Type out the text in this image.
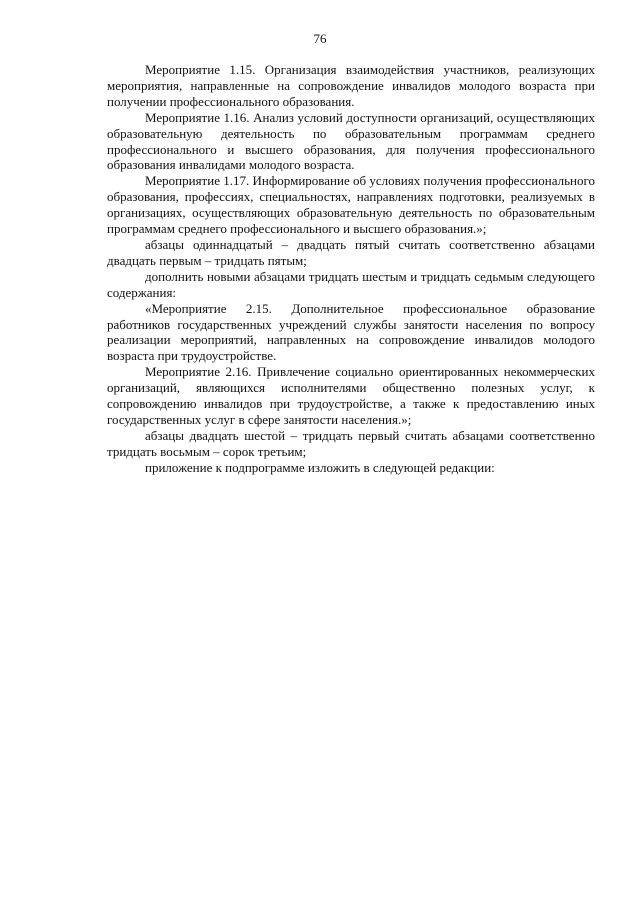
76

Мероприятие 1.15. Организация взаимодействия участников, реализующих мероприятия, направленные на сопровождение инвалидов молодого возраста при получении профессионального образования.

Мероприятие 1.16. Анализ условий доступности организаций, осуществляющих образовательную деятельность по образовательным программам среднего профессионального и высшего образования, для получения профессионального образования инвалидами молодого возраста.

Мероприятие 1.17. Информирование об условиях получения профессионального образования, профессиях, специальностях, направлениях подготовки, реализуемых в организациях, осуществляющих образовательную деятельность по образовательным программам среднего профессионального и высшего образования.»;

абзацы одиннадцатый – двадцать пятый считать соответственно абзацами двадцать первым – тридцать пятым;

дополнить новыми абзацами тридцать шестым и тридцать седьмым следующего содержания:

«Мероприятие 2.15. Дополнительное профессиональное образование работников государственных учреждений службы занятости населения по вопросу реализации мероприятий, направленных на сопровождение инвалидов молодого возраста при трудоустройстве.

Мероприятие 2.16. Привлечение социально ориентированных некоммерческих организаций, являющихся исполнителями общественно полезных услуг, к сопровождению инвалидов при трудоустройстве, а также к предоставлению иных государственных услуг в сфере занятости населения.»;

абзацы двадцать шестой – тридцать первый считать абзацами соответственно тридцать восьмым – сорок третьим;

приложение к подпрограмме изложить в следующей редакции:
